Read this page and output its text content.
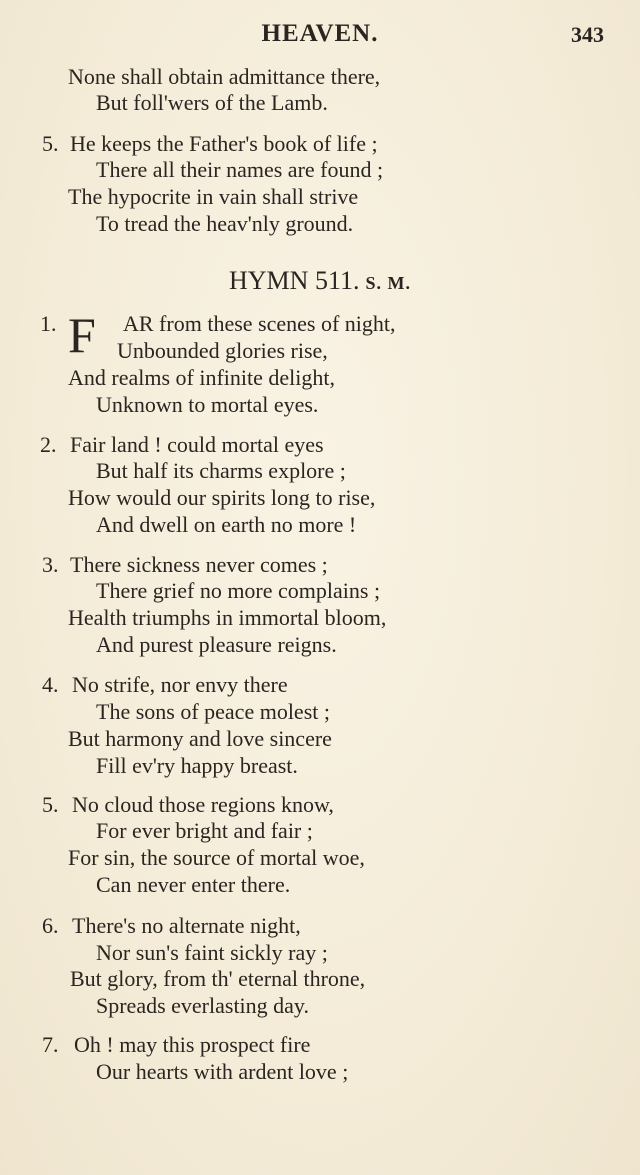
HEAVEN.	343
None shall obtain admittance there,
But foll'wers of the Lamb.
5. He keeps the Father's book of life ;
There all their names are found ;
The hypocrite in vain shall strive
To tread the heav'nly ground.
HYMN 511. S. M.
1. F AR from these scenes of night,
Unbounded glories rise,
And realms of infinite delight,
Unknown to mortal eyes.
2. Fair land ! could mortal eyes
But half its charms explore ;
How would our spirits long to rise,
And dwell on earth no more !
3. There sickness never comes ;
There grief no more complains ;
Health triumphs in immortal bloom,
And purest pleasure reigns.
4. No strife, nor envy there
The sons of peace molest ;
But harmony and love sincere
Fill ev'ry happy breast.
5. No cloud those regions know,
For ever bright and fair ;
For sin, the source of mortal woe,
Can never enter there.
6. There's no alternate night,
Nor sun's faint sickly ray ;
But glory, from th' eternal throne,
Spreads everlasting day.
7. Oh ! may this prospect fire
Our hearts with ardent love ;
